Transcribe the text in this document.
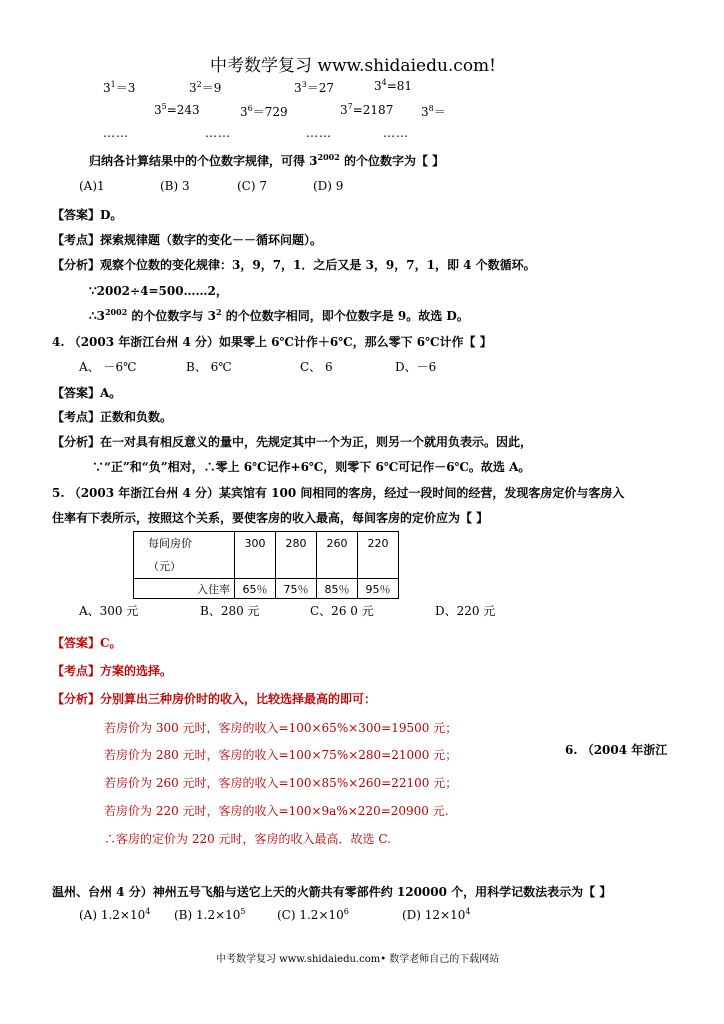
中考数学复习 www.shidaiedu.com!
$3^1=3$	$3^2=9$	$3^3=27$	$3^4=81$
$3^5=243$	$3^6=729$	$3^7=2187$ $3^8=$
……	……	……	……
归纳各计算结果中的个位数字规律，可得 $3^{2002}$ 的个位数字为【 】
(A)1	(B) 3	(C) 7	(D) 9
【答案】D。
【考点】探索规律题（数字的变化－－循环问题）。
【分析】观察个位数的变化规律：3，9，7，1．之后又是 3，9，7，1，即 4 个数循环。
∵2002÷4=500……2，
$\therefore 3^{2002}$ 的个位数字与 $3^2$ 的个位数字相同，即个位数字是 9。故选 D。
4. （2003 年浙江台州 4 分）如果零上 6℃计作＋6℃，那么零下 6℃计作【 】
A、 －6℃	B、 6℃	C、 6	D、－6
【答案】A。
【考点】正数和负数。
【分析】在一对具有相反意义的量中，先规定其中一个为正，则另一个就用负表示。因此，
∵“正”和“负”相对，∴零上 6℃记作+6℃，则零下 6℃可记作－6℃。故选 A。
5. （2003 年浙江台州 4 分）某宾馆有 100 间相同的客房，经过一段时间的经营，发现客房定价与客房入
住率有下表所示，按照这个关系，要使客房的收入最高，每间客房的定价应为【 】
每间房价
（元）	300	280	260	220

入住率	65％	75％	85％	95％
A、300 元	B、280 元	C、26 0 元	D、220 元
【答案】C。
【考点】方案的选择。
【分析】分别算出三种房价时的收入，比较选择最高的即可：
若房价为 300 元时，客房的收入=100×65%×300=19500 元；
若房价为 280 元时，客房的收入=100×75%×280=21000 元；
若房价为 260 元时，客房的收入=100×85%×260=22100 元；
若房价为 220 元时，客房的收入=100×9a%×220=20900 元.
∴客房的定价为 220 元时，客房的收入最高．故选 C.
6. （2004 年浙江
温州、台州 4 分）神州五号飞船与送它上天的火箭共有零部件约 120000 个，用科学记数法表示为【 】
(A) $1.2\times 10^4$ (B) $1.2\times 10^5$	(C) $1.2\times 10^6$	(D) $12\times 10^4$
中考数学复习 www.shidaiedu.com• 数学老师自己的下载网站
